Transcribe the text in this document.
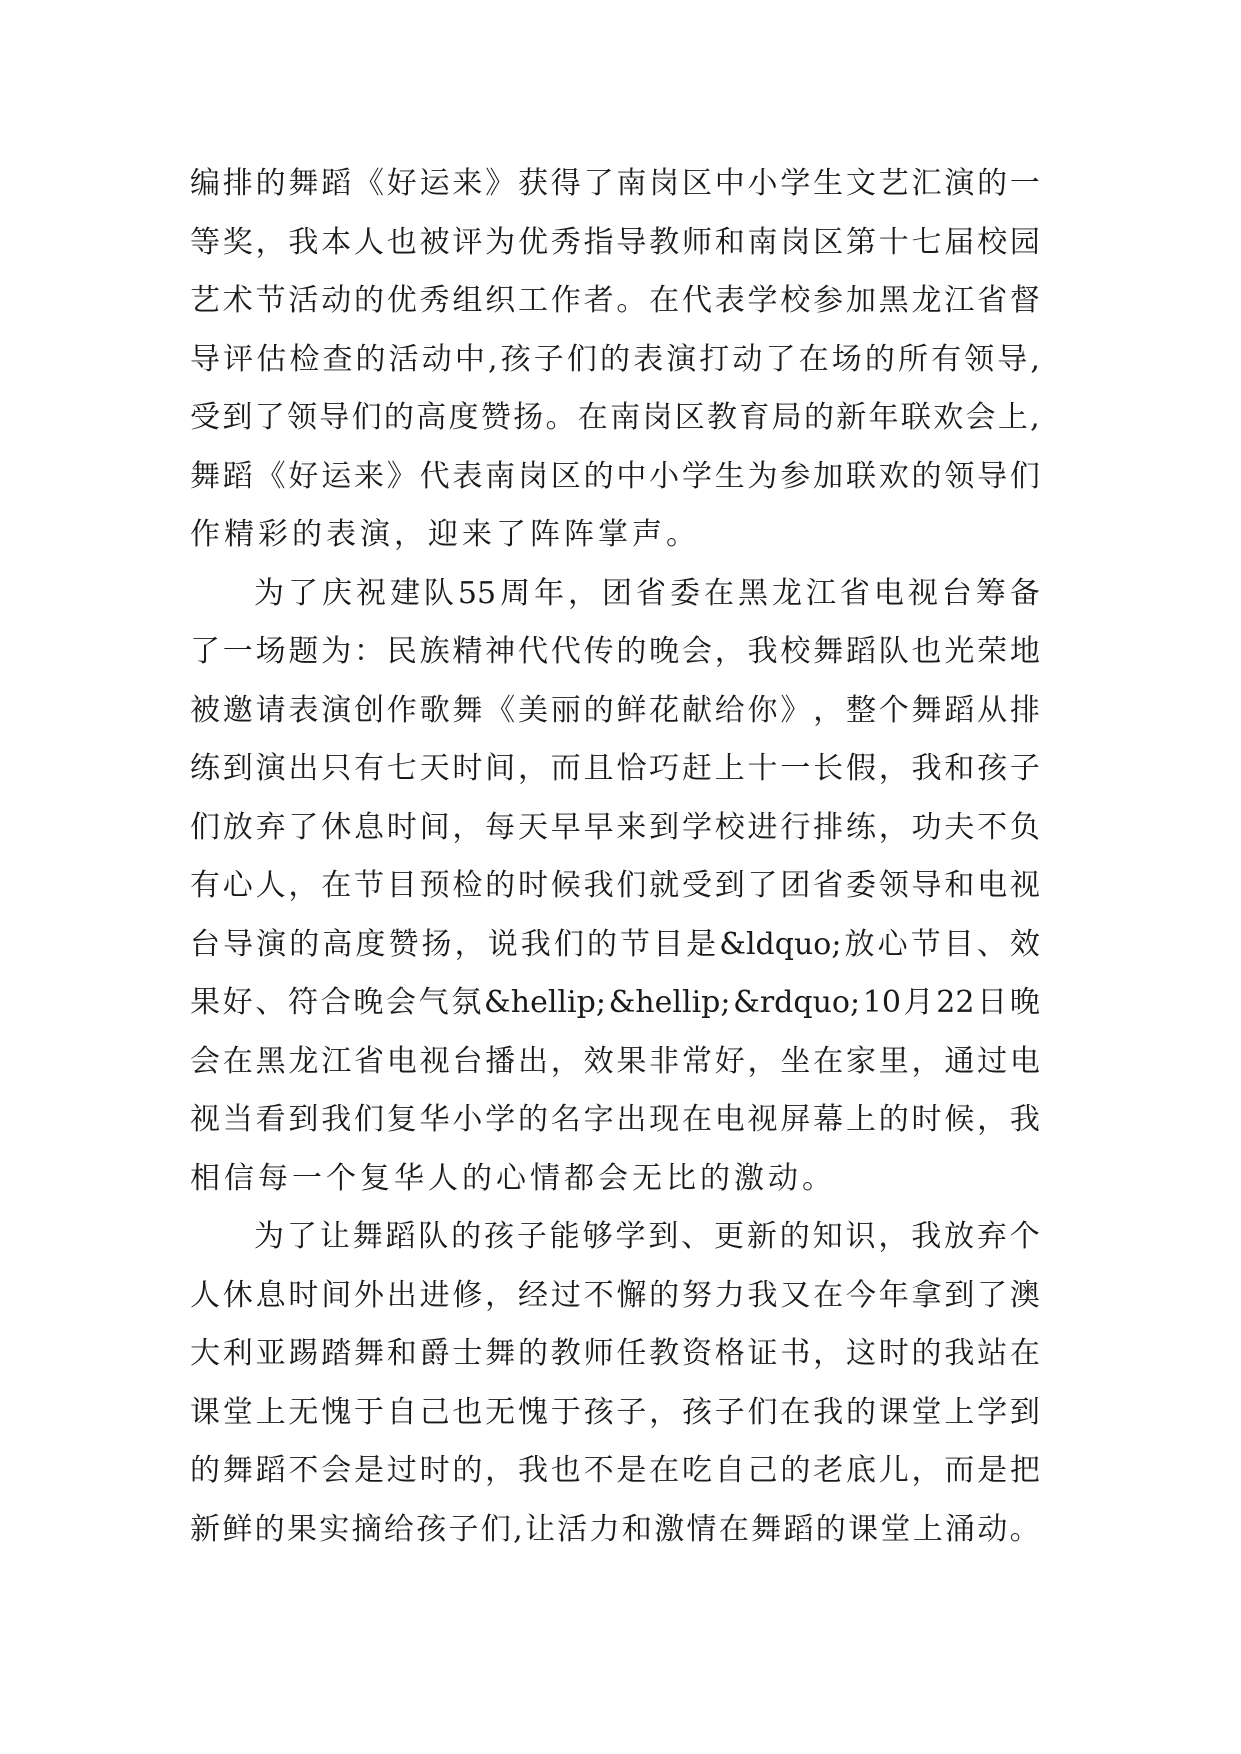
编 排 的 舞 蹈 《 好 运 来 》 获 得 了 南 岗 区 中 小 学 生 文 艺 汇 演 的 一
等 奖 ， 我 本 人 也 被 评 为 优 秀 指 导 教 师 和 南 岗 区 第 十 七 届 校 园
艺 术 节 活 动 的 优 秀 组 织 工 作 者 。 在 代 表 学 校 参 加 黑 龙 江 省 督
导 评 估 检 查 的 活 动 中 , 孩 子 们 的 表 演 打 动 了 在 场 的 所 有 领 导 ,
受 到 了 领 导 们 的 高 度 赞 扬 。 在 南 岗 区 教 育 局 的 新 年 联 欢 会 上 ,
舞 蹈 《 好 运 来 》 代 表 南 岗 区 的 中 小 学 生 为 参 加 联 欢 的 领 导 们
作精彩的表演，迎来了阵阵掌声。
为 了 庆 祝 建 队 55 周 年 ， 团 省 委 在 黑 龙 江 省 电 视 台 筹 备
了 一 场 题 为 ： 民 族 精 神 代 代 传 的 晚 会 ， 我 校 舞 蹈 队 也 光 荣 地
被 邀 请 表 演 创 作 歌 舞 《 美 丽 的 鲜 花 献 给 你 》 ， 整 个 舞 蹈 从 排
练 到 演 出 只 有 七 天 时 间 ， 而 且 恰 巧 赶 上 十 一 长 假 ， 我 和 孩 子
们 放 弃 了 休 息 时 间 ， 每 天 早 早 来 到 学 校 进 行 排 练 ， 功 夫 不 负
有 心 人 ， 在 节 目 预 检 的 时 候 我 们 就 受 到 了 团 省 委 领 导 和 电 视
台 导 演 的 高 度 赞 扬 ， 说 我 们 的 节 目 是 &ldquo; 放 心 节 目 、 效
果 好 、 符 合 晚 会 气 氛 &hellip; &hellip; &rdquo; 10 月 22 日 晚
会 在 黑 龙 江 省 电 视 台 播 出 ， 效 果 非 常 好 ， 坐 在 家 里 ， 通 过 电
视 当 看 到 我 们 复 华 小 学 的 名 字 出 现 在 电 视 屏 幕 上 的 时 候 ， 我
相信每一个复华人的心情都会无比的激动。
为 了 让 舞 蹈 队 的 孩 子 能 够 学 到 、 更 新 的 知 识 ， 我 放 弃 个
人 休 息 时 间 外 出 进 修 ， 经 过 不 懈 的 努 力 我 又 在 今 年 拿 到 了 澳
大 利 亚 踢 踏 舞 和 爵 士 舞 的 教 师 任 教 资 格 证 书 ， 这 时 的 我 站 在
课 堂 上 无 愧 于 自 己 也 无 愧 于 孩 子 ， 孩 子 们 在 我 的 课 堂 上 学 到
的 舞 蹈 不 会 是 过 时 的 ， 我 也 不 是 在 吃 自 己 的 老 底 儿 ， 而 是 把
新 鲜 的 果 实 摘 给 孩 子 们 , 让 活 力 和 激 情 在 舞 蹈 的 课 堂 上 涌 动 。
